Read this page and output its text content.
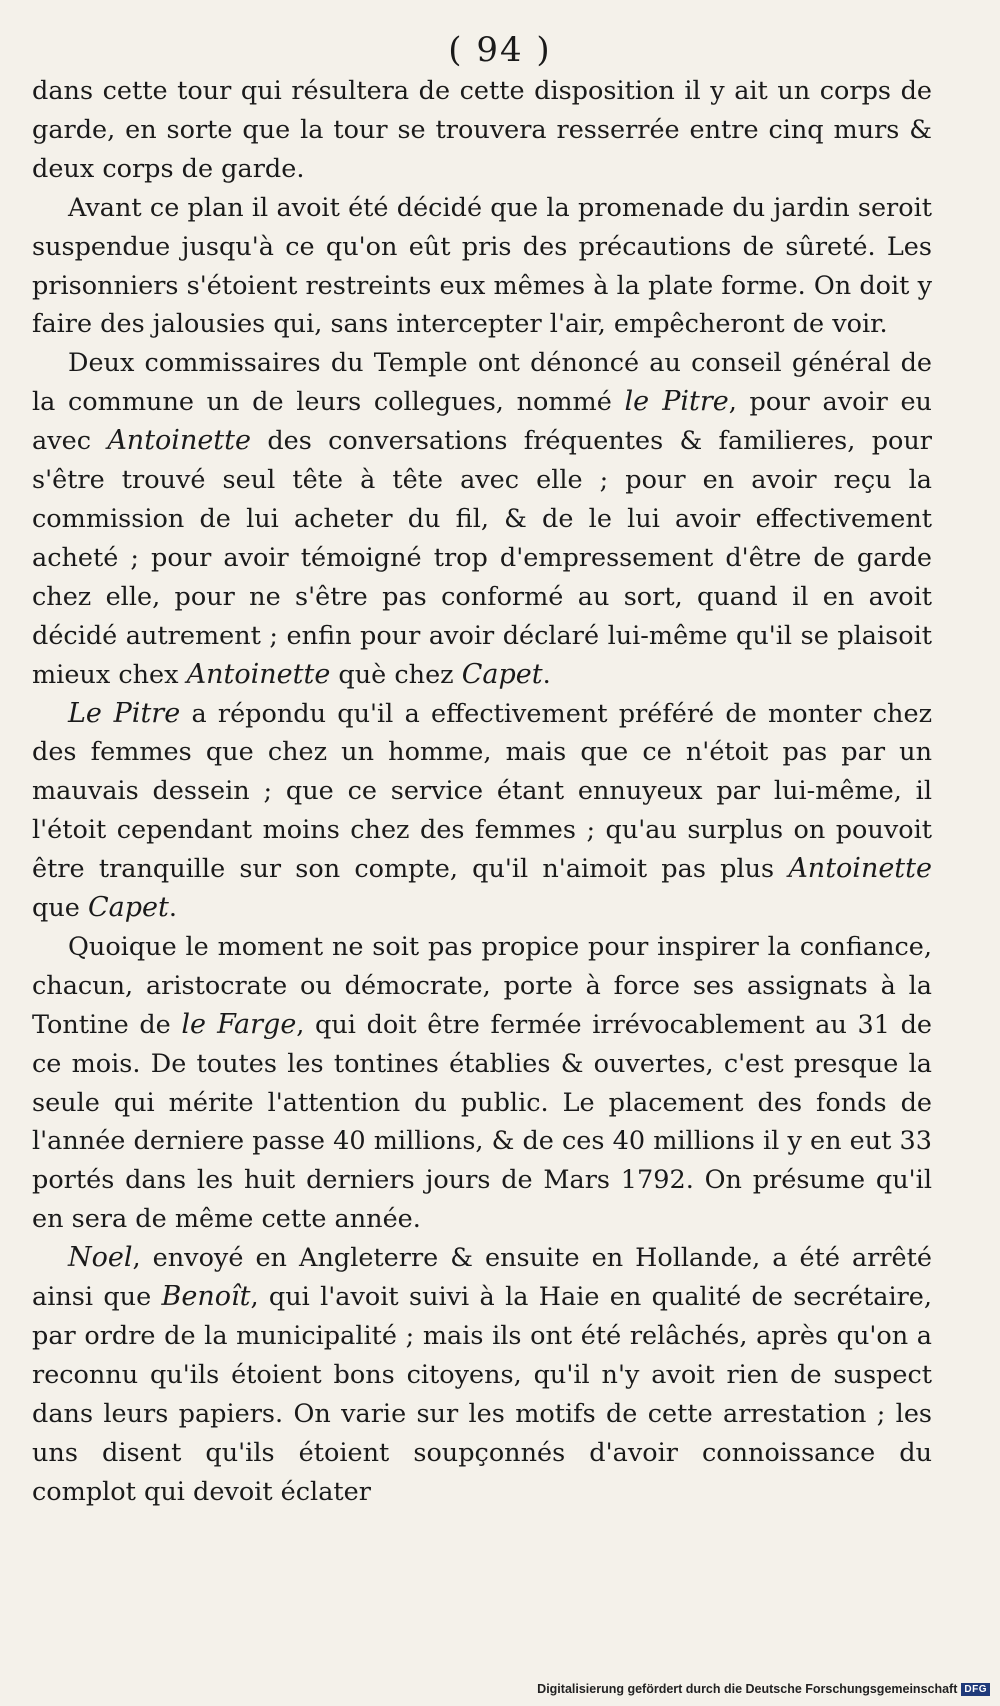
( 94 )

dans cette tour qui résultera de cette disposition il y ait un corps de garde, en sorte que la tour se trouvera resserrée entre cinq murs & deux corps de garde.

Avant ce plan il avoit été décidé que la promenade du jardin seroit suspendue jusqu'à ce qu'on eût pris des précautions de sûreté. Les prisonniers s'étoient restreints eux mêmes à la plate forme. On doit y faire des jalousies qui, sans intercepter l'air, empêcheront de voir.

Deux commissaires du Temple ont dénoncé au conseil général de la commune un de leurs collegues, nommé le Pitre, pour avoir eu avec Antoinette des conversations fréquentes & familieres, pour s'être trouvé seul tête à tête avec elle ; pour en avoir reçu la commission de lui acheter du fil, & de le lui avoir effectivement acheté ; pour avoir témoigné trop d'empressement d'être de garde chez elle, pour ne s'être pas conformé au sort, quand il en avoit décidé autrement ; enfin pour avoir déclaré lui-même qu'il se plaisoit mieux chex Antoinette què chez Capet.

Le Pitre a répondu qu'il a effectivement préféré de monter chez des femmes que chez un homme, mais que ce n'étoit pas par un mauvais dessein ; que ce service étant ennuyeux par lui-même, il l'étoit cependant moins chez des femmes ; qu'au surplus on pouvoit être tranquille sur son compte, qu'il n'aimoit pas plus Antoinette que Capet.

Quoique le moment ne soit pas propice pour inspirer la confiance, chacun, aristocrate ou démocrate, porte à force ses assignats à la Tontine de le Farge, qui doit être fermée irrévocablement au 31 de ce mois. De toutes les tontines établies & ouvertes, c'est presque la seule qui mérite l'attention du public. Le placement des fonds de l'année derniere passe 40 millions, & de ces 40 millions il y en eut 33 portés dans les huit derniers jours de Mars 1792. On présume qu'il en sera de même cette année.

Noel, envoyé en Angleterre & ensuite en Hollande, a été arrêté ainsi que Benoît, qui l'avoit suivi à la Haie en qualité de secrétaire, par ordre de la municipalité ; mais ils ont été relâchés, après qu'on a reconnu qu'ils étoient bons citoyens, qu'il n'y avoit rien de suspect dans leurs papiers. On varie sur les motifs de cette arrestation ; les uns disent qu'ils étoient soupçonnés d'avoir connoissance du complot qui devoit éclater

Digitalisierung gefördert durch die Deutsche Forschungsgemeinschaft DFG
